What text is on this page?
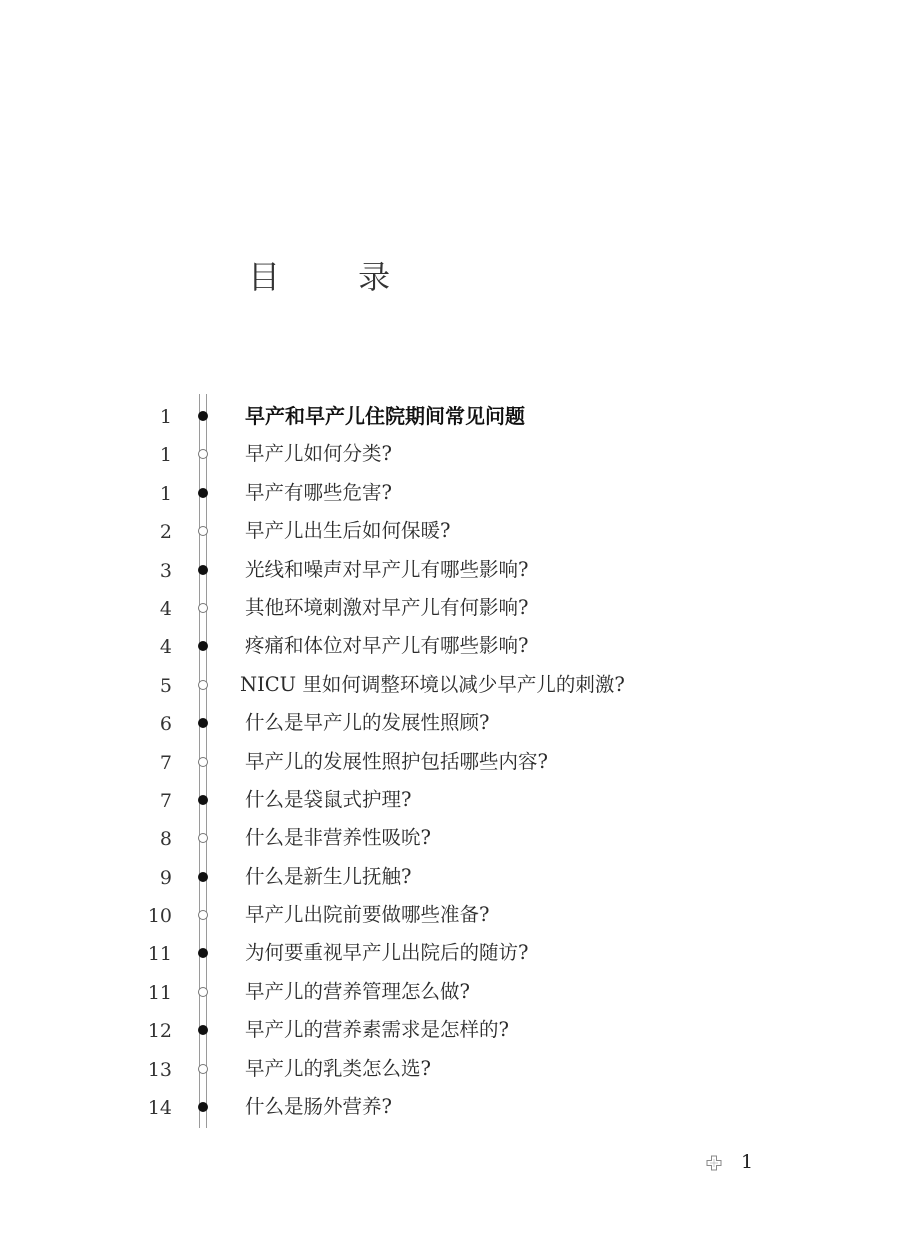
目 录
1	早产和早产儿住院期间常见问题
1	早产儿如何分类?
1	早产有哪些危害?
2	早产儿出生后如何保暖?
3	光线和噪声对早产儿有哪些影响?
4	其他环境刺激对早产儿有何影响?
4	疼痛和体位对早产儿有哪些影响?
5	NICU 里如何调整环境以减少早产儿的刺激?
6	什么是早产儿的发展性照顾?
7	早产儿的发展性照护包括哪些内容?
7	什么是袋鼠式护理?
8	什么是非营养性吸吮?
9	什么是新生儿抚触?
10	早产儿出院前要做哪些准备?
11	为何要重视早产儿出院后的随访?
11	早产儿的营养管理怎么做?
12	早产儿的营养素需求是怎样的?
13	早产儿的乳类怎么选?
14	什么是肠外营养?
1
